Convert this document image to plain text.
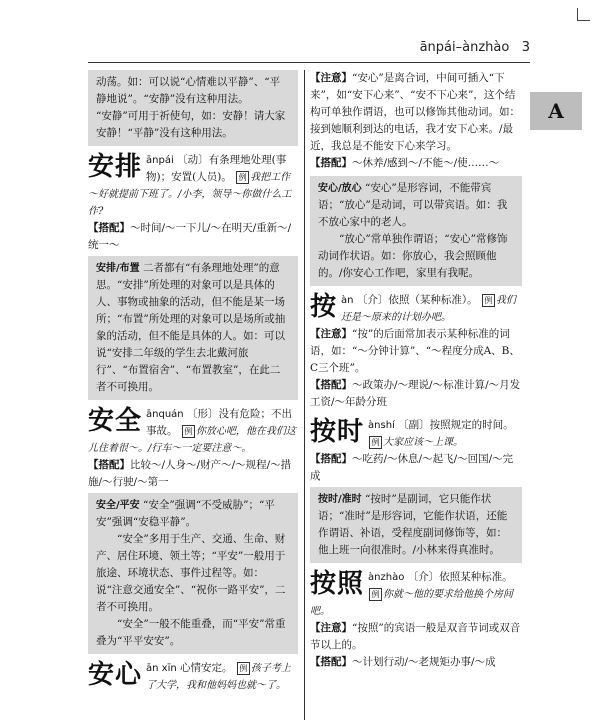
ānpái–ànzhào 3
A

动荡。如：可以说“心情难以平静”、“平静地说”。“安静”没有这种用法。

“安静”可用于祈使句，如：安静！请大家安静！“平静”没有这种用法。

安排 ānpái 〔动〕有条理地处理(事物)；安置(人员)。 例 我把工作～好就提前下班了。/小李，领导～你做什么工作?

【搭配】～时间/～一下儿/～在明天/重新～/统一～

安排/布置 二者都有“有条理地处理”的意思。“安排”所处理的对象可以是具体的人、事物或抽象的活动，但不能是某一场所；“布置”所处理的对象可以是场所或抽象的活动，但不能是具体的人。如：可以说“安排二年级的学生去北戴河旅行”、“布置宿舍”、“布置教室”，在此二者不可换用。

安全 ānquán 〔形〕没有危险；不出事故。 例 你放心吧，他在我们这儿住着很～。/行车～一定要注意～。

【搭配】比较～/人身～/财产～/～规程/～措施/～行驶/～第一

安全/平安 “安全”强调“不受威胁”；“平安”强调“安稳平静”。

“安全”多用于生产、交通、生命、财产、居住环境、领土等；“平安”一般用于旅途、环境状态、事件过程等。如：说“注意交通安全”、“祝你一路平安”，二者不可换用。

“安全”一般不能重叠，而“平安”常重叠为“平平安安”。

安心 ān xīn 心情安定。 例 孩子考上了大学，我和他妈妈也就～了。

【注意】“安心”是离合词，中间可插入“下来”，如“安下心来”、“安不下心来”，这个结构可单独作谓语，也可以修饰其他动词。如：接到她顺利到达的电话，我才安下心来。/最近，我总是不能安下心来学习。

【搭配】～休养/感到～/不能～/使……～

安心/放心 “安心”是形容词，不能带宾语；“放心”是动词，可以带宾语。如：我不放心家中的老人。

“放心”常单独作谓语；“安心”常修饰动词作状语。如：你放心，我会照顾他的。/你安心工作吧，家里有我呢。

按 àn 〔介〕依照（某种标准）。 例 我们还是～原来的计划办吧。

【注意】“按”的后面常加表示某种标准的词语，如：“～分钟计算”、“～程度分成A、B、C三个班”。

【搭配】～政策办/～理说/～标准计算/～月发工资/～年龄分班

按时 ànshí 〔副〕按照规定的时间。 例 大家应该～上课。

【搭配】～吃药/～休息/～起飞/～回国/～完成

按时/准时 “按时”是副词，它只能作状语；“准时”是形容词，它能作状语，还能作谓语、补语，受程度副词修饰等，如：他上班一向很准时。/小林来得真准时。

按照 ànzhào 〔介〕依照某种标准。 例 你就～他的要求给他换个房间吧。

【注意】“按照”的宾语一般是双音节词或双音节以上的。

【搭配】～计划行动/～老规矩办事/～成
